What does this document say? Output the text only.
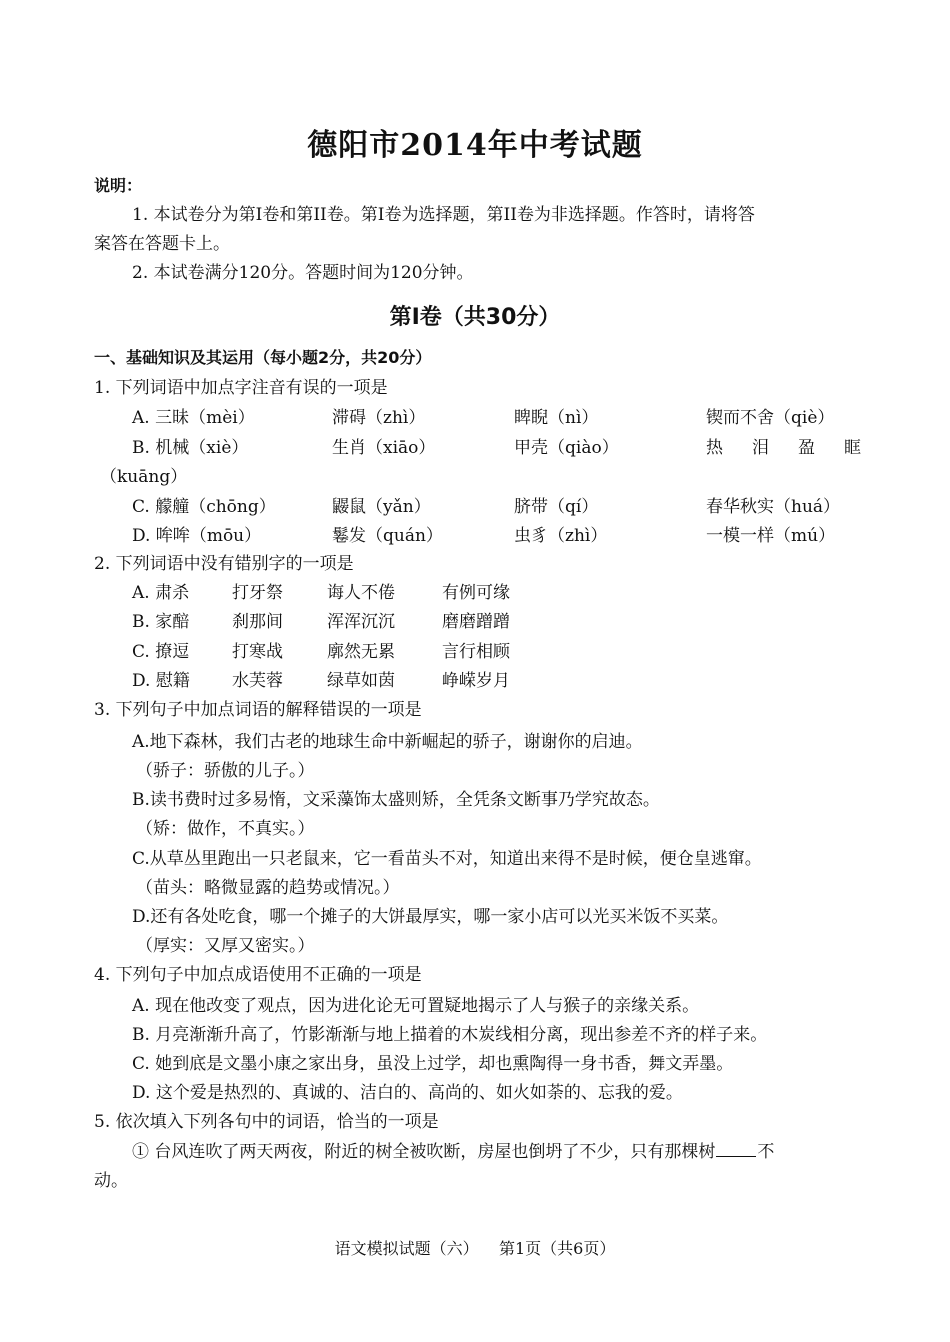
德阳市2014年中考试题
说明：
1. 本试卷分为第I卷和第II卷。第I卷为选择题，第II卷为非选择题。作答时，请将答
案答在答题卡上。
2. 本试卷满分120分。答题时间为120分钟。
第Ⅰ卷（共30分）
一、基础知识及其运用（每小题2分，共20分）
1. 下列词语中加点字注音有误的一项是
A. 三昧（mèi）	滞碍（zhì）	睥睨（nì）	锲而不舍（qiè）
B. 机械（xiè）	生肖（xiāo）	甲壳（qiào）	热　泪　盈　眶
（kuāng）
C. 艨艟（chōng）	鼹鼠（yǎn）	脐带（qí）	春华秋实（huá）
D. 哞哞（mōu）	鬈发（quán）	虫豸（zhì）	一模一样（mú）
2. 下列词语中没有错别字的一项是
A. 肃杀	打牙祭	诲人不倦	有例可缘
B. 家醅	刹那间	浑浑沉沉	磨磨蹭蹭
C. 撩逗	打寒战	廓然无累	言行相顾
D. 慰籍 水芙蓉	绿草如茵	峥嵘岁月
3. 下列句子中加点词语的解释错误的一项是
A.地下森林，我们古老的地球生命中新崛起的骄子，谢谢你的启迪。
（骄子：骄傲的儿子。）
B.读书费时过多易惰，文采藻饰太盛则矫，全凭条文断事乃学究故态。
（矫：做作，不真实。）
C.从草丛里跑出一只老鼠来，它一看苗头不对，知道出来得不是时候，便仓皇逃窜。
（苗头：略微显露的趋势或情况。）
D.还有各处吃食，哪一个摊子的大饼最厚实，哪一家小店可以光买米饭不买菜。
（厚实：又厚又密实。）
4. 下列句子中加点成语使用不正确的一项是
A. 现在他改变了观点，因为进化论无可置疑地揭示了人与猴子的亲缘关系。
B. 月亮渐渐升高了，竹影渐渐与地上描着的木炭线相分离，现出参差不齐的样子来。
C. 她到底是文墨小康之家出身，虽没上过学，却也熏陶得一身书香，舞文弄墨。
D. 这个爱是热烈的、真诚的、洁白的、高尚的、如火如荼的、忘我的爱。
5. 依次填入下列各句中的词语，恰当的一项是
① 台风连吹了两天两夜，附近的树全被吹断，房屋也倒坍了不少，只有那棵树 不
动。
语文模拟试题（六）    第1页（共6页）
